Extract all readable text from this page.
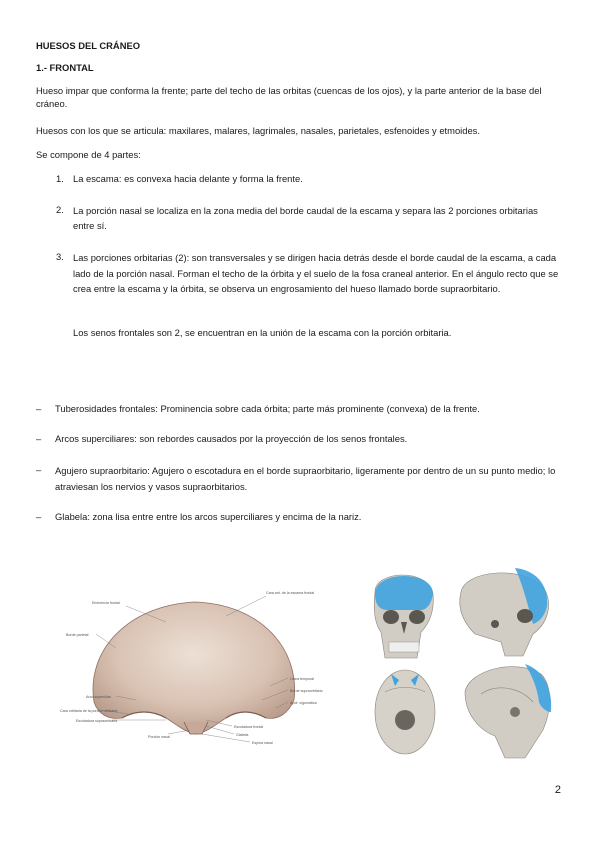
HUESOS DEL CRÁNEO
1.- FRONTAL
Hueso impar que conforma la frente; parte del techo de las orbitas (cuencas de los ojos), y la parte anterior de la base del cráneo.
Huesos con los que se articula: maxilares, malares, lagrimales, nasales, parietales, esfenoides y etmoides.
Se compone de 4 partes:
1. La escama: es convexa hacia delante y forma la frente.
2. La porción nasal se localiza en la zona media del borde caudal de la escama y separa las 2 porciones orbitarias entre sí.
3. Las porciones orbitarias (2): son transversales y se dirigen hacia detrás desde el borde caudal de la escama, a cada lado de la porción nasal. Forman el techo de la órbita y el suelo de la fosa craneal anterior. En el ángulo recto que se crea entre la escama y la órbita, se observa un engrosamiento del hueso llamado borde supraorbitario.
Los senos frontales son 2, se encuentran en la unión de la escama con la porción orbitaria.
– Tuberosidades frontales: Prominencia sobre cada órbita; parte más prominente (convexa) de la frente.
– Arcos superciliares: son rebordes causados por la proyección de los senos frontales.
– Agujero supraorbitario: Agujero o escotadura en el borde supraorbitario, ligeramente por dentro de un su punto medio; lo atraviesan los nervios y vasos supraorbitarios.
– Glabela: zona lisa entre entre los arcos superciliares y encima de la nariz.
Eminencia frontal
Cara ant. de la escama frontal
Borde parietal
Línea temporal
Borde supraorbitario
Apóf. cigomática
Arco superciliar
Cara orbitaria de la porción orbitaria
Escotadura supraorbitaria
Porción nasal	Glabela
Escotadura frontal
Espina nasal
2
